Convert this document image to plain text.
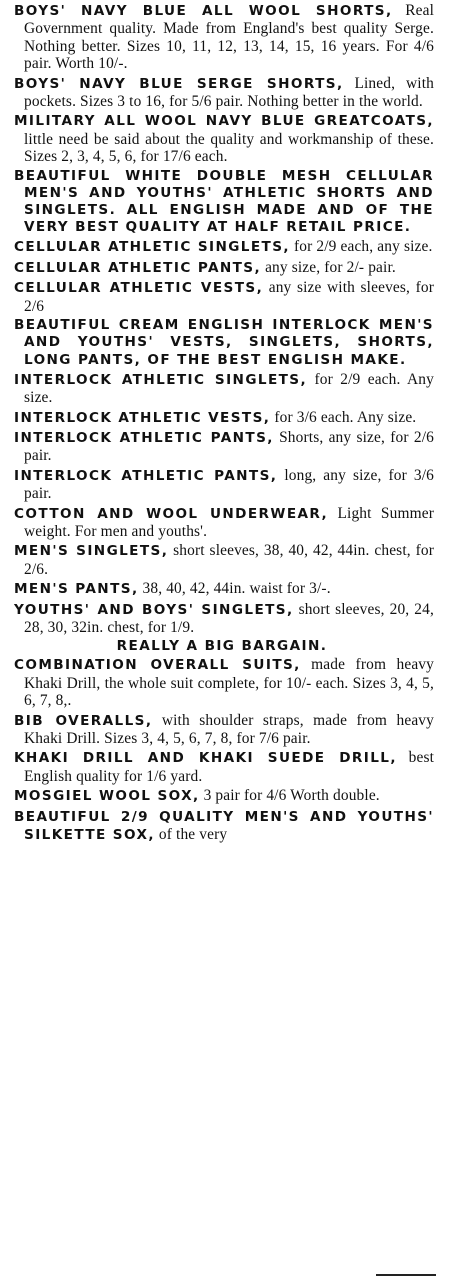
BOYS' NAVY BLUE ALL WOOL SHORTS, Real Government quality. Made from England's best quality Serge. Nothing better. Sizes 10, 11, 12, 13, 14, 15, 16 years. For 4/6 pair. Worth 10/-.

BOYS' NAVY BLUE SERGE SHORTS, Lined, with pockets. Sizes 3 to 16, for 5/6 pair. Nothing better in the world.

MILITARY ALL WOOL NAVY BLUE GREATCOATS, little need be said about the quality and workmanship of these. Sizes 2, 3, 4, 5, 6, for 17/6 each.

BEAUTIFUL WHITE DOUBLE MESH CELLULAR MEN'S AND YOUTHS' ATHLETIC SHORTS AND SINGLETS. ALL ENGLISH MADE AND OF THE VERY BEST QUALITY AT HALF RETAIL PRICE.

CELLULAR ATHLETIC SINGLETS, for 2/9 each, any size.

CELLULAR ATHLETIC PANTS, any size, for 2/- pair.

CELLULAR ATHLETIC VESTS, any size with sleeves, for 2/6

BEAUTIFUL CREAM ENGLISH INTERLOCK MEN'S AND YOUTHS' VESTS, SINGLETS, SHORTS, LONG PANTS, OF THE BEST ENGLISH MAKE.

INTERLOCK ATHLETIC SINGLETS, for 2/9 each. Any size.

INTERLOCK ATHLETIC VESTS, for 3/6 each. Any size.

INTERLOCK ATHLETIC PANTS, Shorts, any size, for 2/6 pair.

INTERLOCK ATHLETIC PANTS, long, any size, for 3/6 pair.

COTTON AND WOOL UNDERWEAR, Light Summer weight. For men and youths'.

MEN'S SINGLETS, short sleeves, 38, 40, 42, 44in. chest, for 2/6.

MEN'S PANTS, 38, 40, 42, 44in. waist for 3/-.

YOUTHS' AND BOYS' SINGLETS, short sleeves, 20, 24, 28, 30, 32in. chest, for 1/9.

REALLY A BIG BARGAIN.

COMBINATION OVERALL SUITS, made from heavy Khaki Drill, the whole suit complete, for 10/- each. Sizes 3, 4, 5, 6, 7, 8,.

BIB OVERALLS, with shoulder straps, made from heavy Khaki Drill. Sizes 3, 4, 5, 6, 7, 8, for 7/6 pair.

KHAKI DRILL AND KHAKI SUEDE DRILL, best English quality for 1/6 yard.

MOSGIEL WOOL SOX, 3 pair for 4/6 Worth double.

BEAUTIFUL 2/9 QUALITY MEN'S AND YOUTHS' SILKETTE SOX, of the very
